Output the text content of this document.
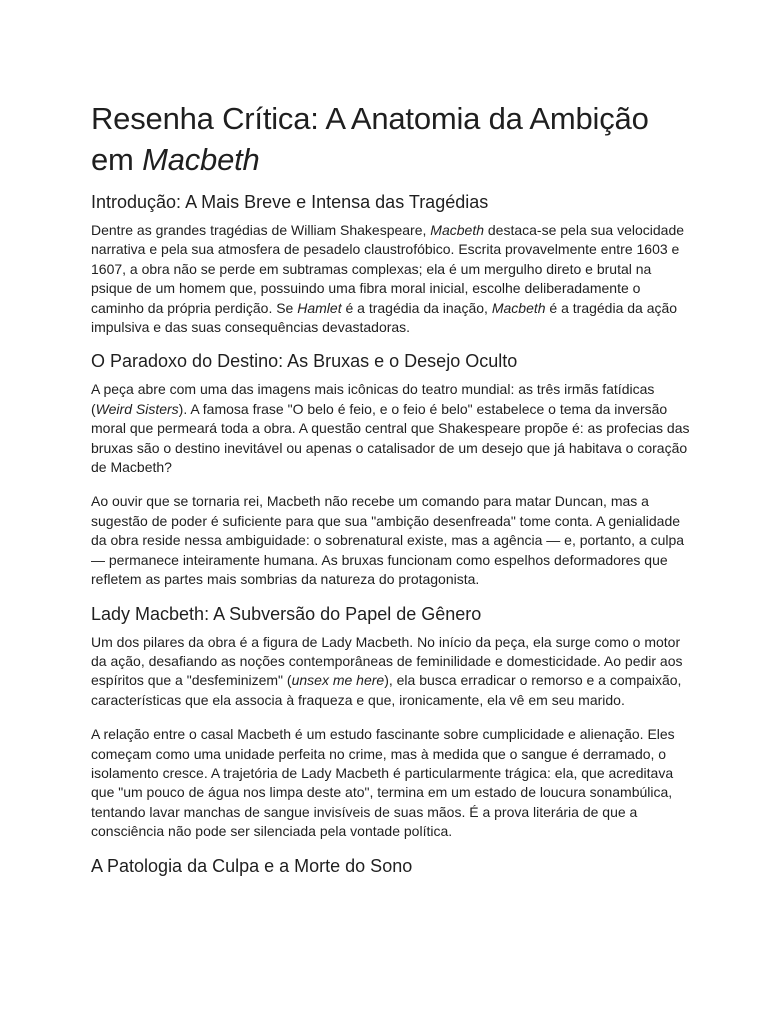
Resenha Crítica: A Anatomia da Ambição em Macbeth
Introdução: A Mais Breve e Intensa das Tragédias

Dentre as grandes tragédias de William Shakespeare, Macbeth destaca-se pela sua velocidade narrativa e pela sua atmosfera de pesadelo claustrofóbico. Escrita provavelmente entre 1603 e 1607, a obra não se perde em subtramas complexas; ela é um mergulho direto e brutal na psique de um homem que, possuindo uma fibra moral inicial, escolhe deliberadamente o caminho da própria perdição. Se Hamlet é a tragédia da inação, Macbeth é a tragédia da ação impulsiva e das suas consequências devastadoras.

O Paradoxo do Destino: As Bruxas e o Desejo Oculto

A peça abre com uma das imagens mais icônicas do teatro mundial: as três irmãs fatídicas (Weird Sisters). A famosa frase "O belo é feio, e o feio é belo" estabelece o tema da inversão moral que permeará toda a obra. A questão central que Shakespeare propõe é: as profecias das bruxas são o destino inevitável ou apenas o catalisador de um desejo que já habitava o coração de Macbeth?

Ao ouvir que se tornaria rei, Macbeth não recebe um comando para matar Duncan, mas a sugestão de poder é suficiente para que sua "ambição desenfreada" tome conta. A genialidade da obra reside nessa ambiguidade: o sobrenatural existe, mas a agência — e, portanto, a culpa — permanece inteiramente humana. As bruxas funcionam como espelhos deformadores que refletem as partes mais sombrias da natureza do protagonista.

Lady Macbeth: A Subversão do Papel de Gênero

Um dos pilares da obra é a figura de Lady Macbeth. No início da peça, ela surge como o motor da ação, desafiando as noções contemporâneas de feminilidade e domesticidade. Ao pedir aos espíritos que a "desfeminizem" (unsex me here), ela busca erradicar o remorso e a compaixão, características que ela associa à fraqueza e que, ironicamente, ela vê em seu marido.

A relação entre o casal Macbeth é um estudo fascinante sobre cumplicidade e alienação. Eles começam como uma unidade perfeita no crime, mas à medida que o sangue é derramado, o isolamento cresce. A trajetória de Lady Macbeth é particularmente trágica: ela, que acreditava que "um pouco de água nos limpa deste ato", termina em um estado de loucura sonambúlica, tentando lavar manchas de sangue invisíveis de suas mãos. É a prova literária de que a consciência não pode ser silenciada pela vontade política.

A Patologia da Culpa e a Morte do Sono
